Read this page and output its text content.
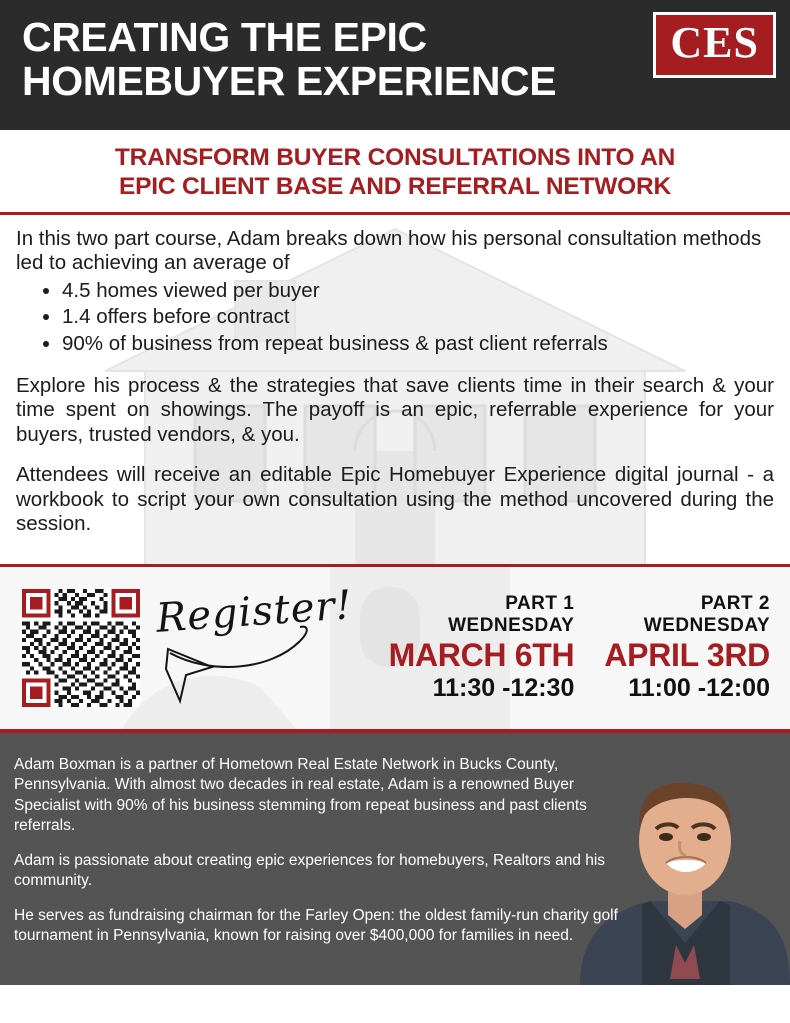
CREATING THE EPIC HOMEBUYER EXPERIENCE
CES
TRANSFORM BUYER CONSULTATIONS INTO AN
EPIC CLIENT BASE AND REFERRAL NETWORK

In this two part course, Adam breaks down how his personal consultation methods led to achieving an average of

• 4.5 homes viewed per buyer
• 1.4 offers before contract
• 90% of business from repeat business & past client referrals

Explore his process & the strategies that save clients time in their search & your time spent on showings. The payoff is an epic, referrable experience for your buyers, trusted vendors, & you.

Attendees will receive an editable Epic Homebuyer Experience digital journal - a workbook to script your own consultation using the method uncovered during the session.

Register!	PART 1
WEDNESDAY
MARCH 6TH
11:30 -12:30
PART 2
WEDNESDAY
APRIL 3RD
11:00 -12:00

Adam Boxman is a partner of Hometown Real Estate Network in Bucks County, Pennsylvania. With almost two decades in real estate, Adam is a renowned Buyer Specialist with 90% of his business stemming from repeat business and past clients referrals.

Adam is passionate about creating epic experiences for homebuyers, Realtors and his community.

He serves as fundraising chairman for the Farley Open: the oldest family-run charity golf tournament in Pennsylvania, known for raising over $400,000 for families in need.
